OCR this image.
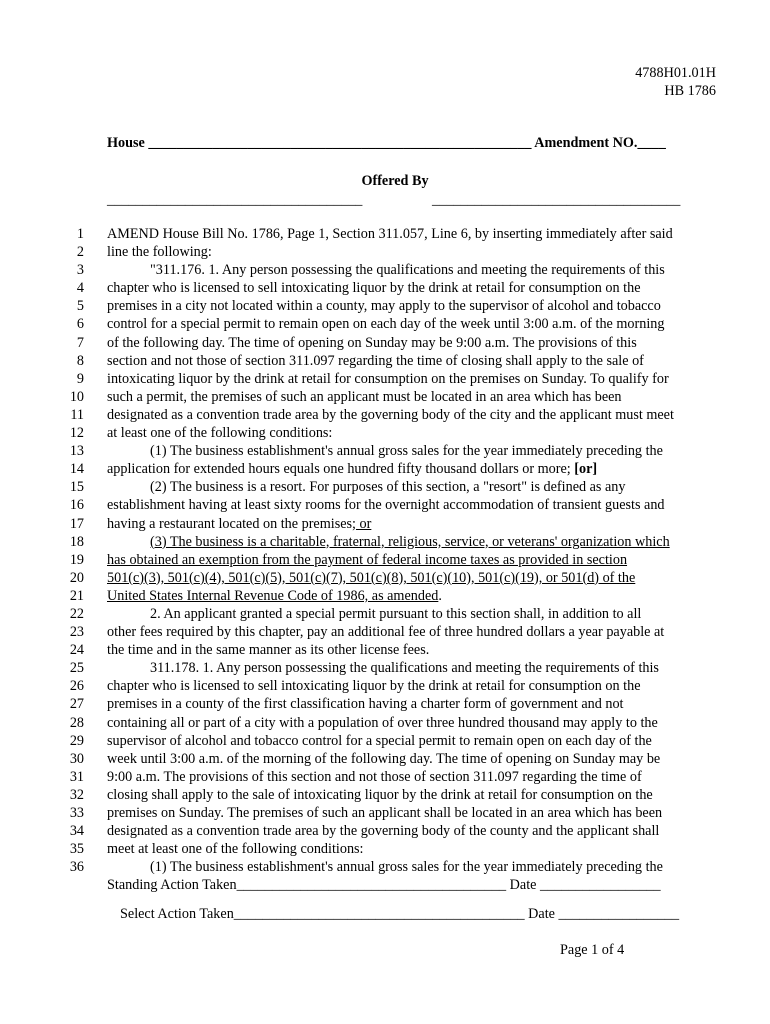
4788H01.01H
HB 1786
House ______________________________________________________ Amendment NO.____
Offered By
____________________________________	___________________________________
1 AMEND House Bill No. 1786, Page 1, Section 311.057, Line 6, by inserting immediately after said
2 line the following:
3	"311.176. 1. Any person possessing the qualifications and meeting the requirements of this
4 chapter who is licensed to sell intoxicating liquor by the drink at retail for consumption on the
5 premises in a city not located within a county, may apply to the supervisor of alcohol and tobacco
6 control for a special permit to remain open on each day of the week until 3:00 a.m. of the morning
7 of the following day. The time of opening on Sunday may be 9:00 a.m. The provisions of this
8 section and not those of section 311.097 regarding the time of closing shall apply to the sale of
9 intoxicating liquor by the drink at retail for consumption on the premises on Sunday. To qualify for
10 such a permit, the premises of such an applicant must be located in an area which has been
11 designated as a convention trade area by the governing body of the city and the applicant must meet
12 at least one of the following conditions:
13	(1) The business establishment's annual gross sales for the year immediately preceding the
14 application for extended hours equals one hundred fifty thousand dollars or more; [or]
15	(2) The business is a resort. For purposes of this section, a "resort" is defined as any
16 establishment having at least sixty rooms for the overnight accommodation of transient guests and
17 having a restaurant located on the premises; or
18	(3) The business is a charitable, fraternal, religious, service, or veterans' organization which
19 has obtained an exemption from the payment of federal income taxes as provided in section
20 501(c)(3), 501(c)(4), 501(c)(5), 501(c)(7), 501(c)(8), 501(c)(10), 501(c)(19), or 501(d) of the
21 United States Internal Revenue Code of 1986, as amended.
22	2. An applicant granted a special permit pursuant to this section shall, in addition to all
23 other fees required by this chapter, pay an additional fee of three hundred dollars a year payable at
24 the time and in the same manner as its other license fees.
25	311.178. 1. Any person possessing the qualifications and meeting the requirements of this
26 chapter who is licensed to sell intoxicating liquor by the drink at retail for consumption on the
27 premises in a county of the first classification having a charter form of government and not
28 containing all or part of a city with a population of over three hundred thousand may apply to the
29 supervisor of alcohol and tobacco control for a special permit to remain open on each day of the
30 week until 3:00 a.m. of the morning of the following day. The time of opening on Sunday may be
31 9:00 a.m. The provisions of this section and not those of section 311.097 regarding the time of
32 closing shall apply to the sale of intoxicating liquor by the drink at retail for consumption on the
33 premises on Sunday. The premises of such an applicant shall be located in an area which has been
34 designated as a convention trade area by the governing body of the county and the applicant shall
35 meet at least one of the following conditions:
36	(1) The business establishment's annual gross sales for the year immediately preceding the
Standing Action Taken______________________________________ Date _________________
Select Action Taken_________________________________________ Date _________________
Page 1 of 4
